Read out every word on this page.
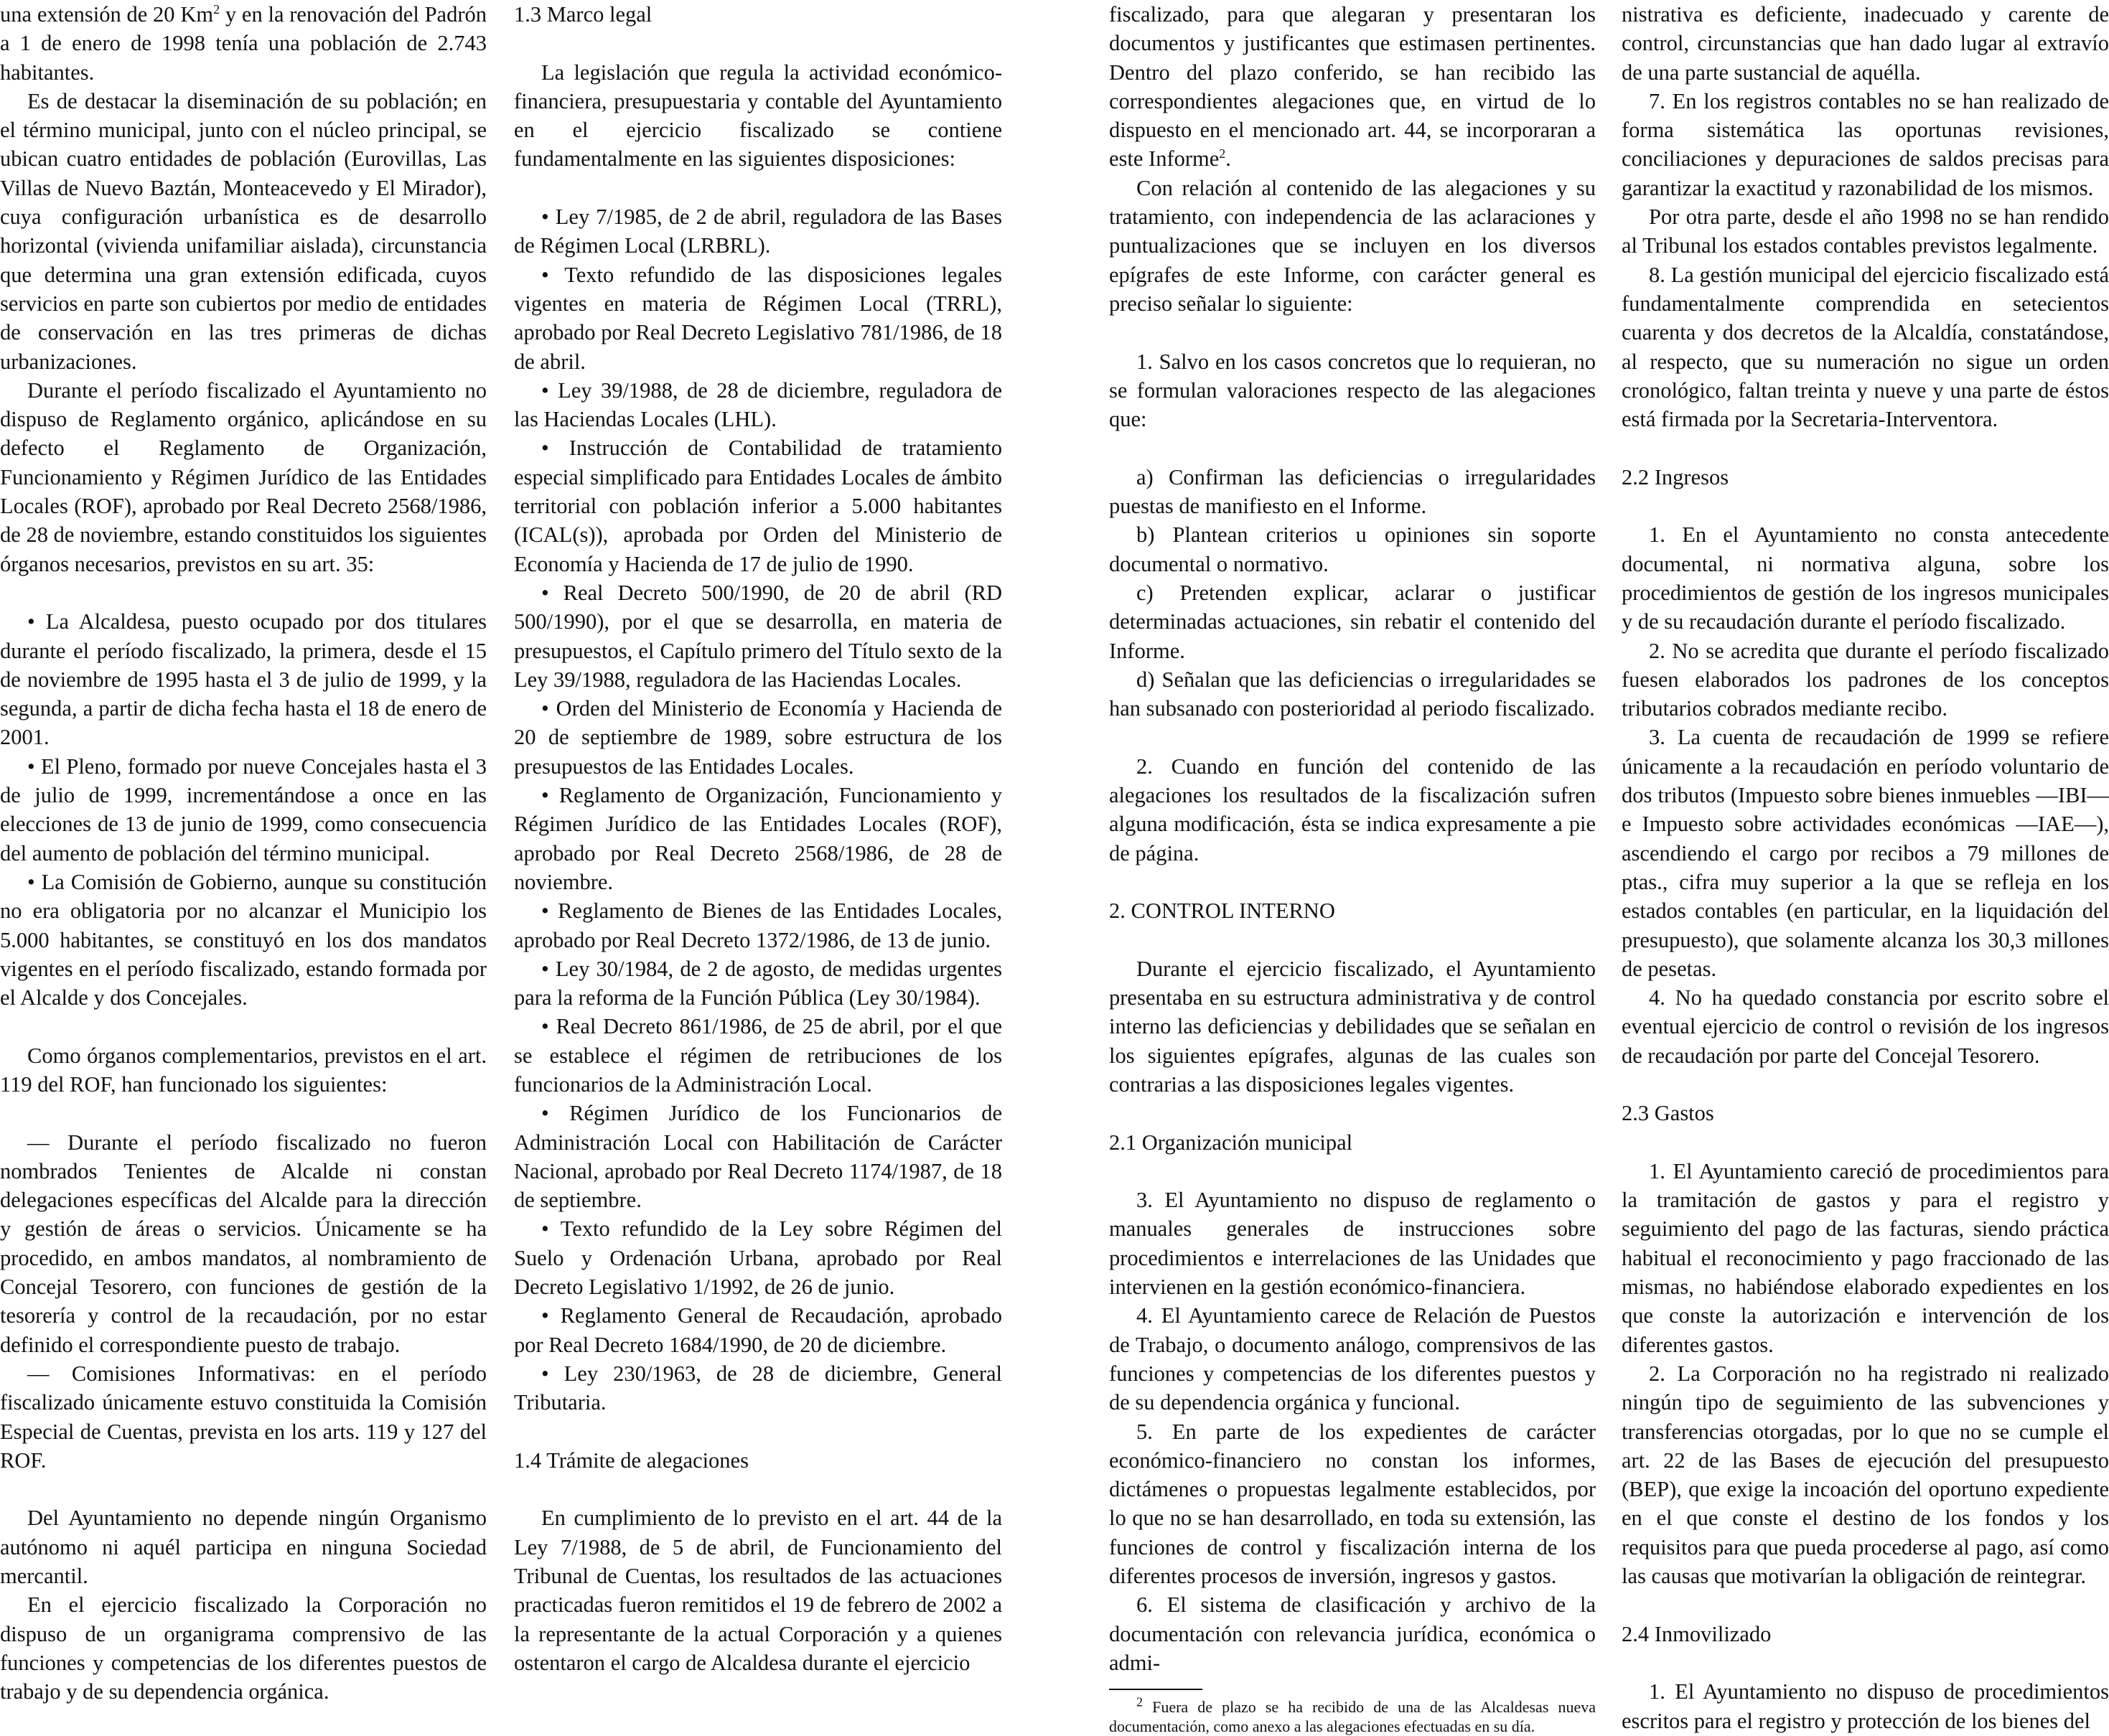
una extensión de 20 Km$^2$ y en la renovación del Padrón a 1 de enero de 1998 tenía una población de 2.743 habitantes.

Es de destacar la diseminación de su población; en el término municipal, junto con el núcleo principal, se ubican cuatro entidades de población (Eurovillas, Las Villas de Nuevo Baztán, Monteacevedo y El Mirador), cuya configuración urbanística es de desarrollo horizontal (vivienda unifamiliar aislada), circunstancia que determina una gran extensión edificada, cuyos servicios en parte son cubiertos por medio de entidades de conservación en las tres primeras de dichas urbanizaciones.

Durante el período fiscalizado el Ayuntamiento no dispuso de Reglamento orgánico, aplicándose en su defecto el Reglamento de Organización, Funcionamiento y Régimen Jurídico de las Entidades Locales (ROF), aprobado por Real Decreto 2568/1986, de 28 de noviembre, estando constituidos los siguientes órganos necesarios, previstos en su art. 35:

• La Alcaldesa, puesto ocupado por dos titulares durante el período fiscalizado, la primera, desde el 15 de noviembre de 1995 hasta el 3 de julio de 1999, y la segunda, a partir de dicha fecha hasta el 18 de enero de 2001.

• El Pleno, formado por nueve Concejales hasta el 3 de julio de 1999, incrementándose a once en las elecciones de 13 de junio de 1999, como consecuencia del aumento de población del término municipal.

• La Comisión de Gobierno, aunque su constitución no era obligatoria por no alcanzar el Municipio los 5.000 habitantes, se constituyó en los dos mandatos vigentes en el período fiscalizado, estando formada por el Alcalde y dos Concejales.

Como órganos complementarios, previstos en el art. 119 del ROF, han funcionado los siguientes:

— Durante el período fiscalizado no fueron nombrados Tenientes de Alcalde ni constan delegaciones específicas del Alcalde para la dirección y gestión de áreas o servicios. Únicamente se ha procedido, en ambos mandatos, al nombramiento de Concejal Tesorero, con funciones de gestión de la tesorería y control de la recaudación, por no estar definido el correspondiente puesto de trabajo.

— Comisiones Informativas: en el período fiscalizado únicamente estuvo constituida la Comisión Especial de Cuentas, prevista en los arts. 119 y 127 del ROF.

Del Ayuntamiento no depende ningún Organismo autónomo ni aquél participa en ninguna Sociedad mercantil.

En el ejercicio fiscalizado la Corporación no dispuso de un organigrama comprensivo de las funciones y competencias de los diferentes puestos de trabajo y de su dependencia orgánica.

1.3 Marco legal

La legislación que regula la actividad económico-financiera, presupuestaria y contable del Ayuntamiento en el ejercicio fiscalizado se contiene fundamentalmente en las siguientes disposiciones:

• Ley 7/1985, de 2 de abril, reguladora de las Bases de Régimen Local (LRBRL).

• Texto refundido de las disposiciones legales vigentes en materia de Régimen Local (TRRL), aprobado por Real Decreto Legislativo 781/1986, de 18 de abril.

• Ley 39/1988, de 28 de diciembre, reguladora de las Haciendas Locales (LHL).

• Instrucción de Contabilidad de tratamiento especial simplificado para Entidades Locales de ámbito territorial con población inferior a 5.000 habitantes (ICAL(s)), aprobada por Orden del Ministerio de Economía y Hacienda de 17 de julio de 1990.

• Real Decreto 500/1990, de 20 de abril (RD 500/1990), por el que se desarrolla, en materia de presupuestos, el Capítulo primero del Título sexto de la Ley 39/1988, reguladora de las Haciendas Locales.

• Orden del Ministerio de Economía y Hacienda de 20 de septiembre de 1989, sobre estructura de los presupuestos de las Entidades Locales.

• Reglamento de Organización, Funcionamiento y Régimen Jurídico de las Entidades Locales (ROF), aprobado por Real Decreto 2568/1986, de 28 de noviembre.

• Reglamento de Bienes de las Entidades Locales, aprobado por Real Decreto 1372/1986, de 13 de junio.

• Ley 30/1984, de 2 de agosto, de medidas urgentes para la reforma de la Función Pública (Ley 30/1984).

• Real Decreto 861/1986, de 25 de abril, por el que se establece el régimen de retribuciones de los funcionarios de la Administración Local.

• Régimen Jurídico de los Funcionarios de Administración Local con Habilitación de Carácter Nacional, aprobado por Real Decreto 1174/1987, de 18 de septiembre.

• Texto refundido de la Ley sobre Régimen del Suelo y Ordenación Urbana, aprobado por Real Decreto Legislativo 1/1992, de 26 de junio.

• Reglamento General de Recaudación, aprobado por Real Decreto 1684/1990, de 20 de diciembre.

• Ley 230/1963, de 28 de diciembre, General Tributaria.

1.4 Trámite de alegaciones

En cumplimiento de lo previsto en el art. 44 de la Ley 7/1988, de 5 de abril, de Funcionamiento del Tribunal de Cuentas, los resultados de las actuaciones practicadas fueron remitidos el 19 de febrero de 2002 a la representante de la actual Corporación y a quienes ostentaron el cargo de Alcaldesa durante el ejercicio

fiscalizado, para que alegaran y presentaran los documentos y justificantes que estimasen pertinentes. Dentro del plazo conferido, se han recibido las correspondientes alegaciones que, en virtud de lo dispuesto en el mencionado art. 44, se incorporaran a este Informe$^2$.

Con relación al contenido de las alegaciones y su tratamiento, con independencia de las aclaraciones y puntualizaciones que se incluyen en los diversos epígrafes de este Informe, con carácter general es preciso señalar lo siguiente:

1. Salvo en los casos concretos que lo requieran, no se formulan valoraciones respecto de las alegaciones que:

a) Confirman las deficiencias o irregularidades puestas de manifiesto en el Informe.

b) Plantean criterios u opiniones sin soporte documental o normativo.

c) Pretenden explicar, aclarar o justificar determinadas actuaciones, sin rebatir el contenido del Informe.

d) Señalan que las deficiencias o irregularidades se han subsanado con posterioridad al periodo fiscalizado.

2. Cuando en función del contenido de las alegaciones los resultados de la fiscalización sufren alguna modificación, ésta se indica expresamente a pie de página.

2. CONTROL INTERNO

Durante el ejercicio fiscalizado, el Ayuntamiento presentaba en su estructura administrativa y de control interno las deficiencias y debilidades que se señalan en los siguientes epígrafes, algunas de las cuales son contrarias a las disposiciones legales vigentes.

2.1 Organización municipal

3. El Ayuntamiento no dispuso de reglamento o manuales generales de instrucciones sobre procedimientos e interrelaciones de las Unidades que intervienen en la gestión económico-financiera.

4. El Ayuntamiento carece de Relación de Puestos de Trabajo, o documento análogo, comprensivos de las funciones y competencias de los diferentes puestos y de su dependencia orgánica y funcional.

5. En parte de los expedientes de carácter económico-financiero no constan los informes, dictámenes o propuestas legalmente establecidos, por lo que no se han desarrollado, en toda su extensión, las funciones de control y fiscalización interna de los diferentes procesos de inversión, ingresos y gastos.

6. El sistema de clasificación y archivo de la documentación con relevancia jurídica, económica o admi-

$^2$ Fuera de plazo se ha recibido de una de las Alcaldesas nueva documentación, como anexo a las alegaciones efectuadas en su día.

nistrativa es deficiente, inadecuado y carente de control, circunstancias que han dado lugar al extravío de una parte sustancial de aquélla.

7. En los registros contables no se han realizado de forma sistemática las oportunas revisiones, conciliaciones y depuraciones de saldos precisas para garantizar la exactitud y razonabilidad de los mismos.

Por otra parte, desde el año 1998 no se han rendido al Tribunal los estados contables previstos legalmente.

8. La gestión municipal del ejercicio fiscalizado está fundamentalmente comprendida en setecientos cuarenta y dos decretos de la Alcaldía, constatándose, al respecto, que su numeración no sigue un orden cronológico, faltan treinta y nueve y una parte de éstos está firmada por la Secretaria-Interventora.

2.2 Ingresos

1. En el Ayuntamiento no consta antecedente documental, ni normativa alguna, sobre los procedimientos de gestión de los ingresos municipales y de su recaudación durante el período fiscalizado.

2. No se acredita que durante el período fiscalizado fuesen elaborados los padrones de los conceptos tributarios cobrados mediante recibo.

3. La cuenta de recaudación de 1999 se refiere únicamente a la recaudación en período voluntario de dos tributos (Impuesto sobre bienes inmuebles —IBI— e Impuesto sobre actividades económicas —IAE—), ascendiendo el cargo por recibos a 79 millones de ptas., cifra muy superior a la que se refleja en los estados contables (en particular, en la liquidación del presupuesto), que solamente alcanza los 30,3 millones de pesetas.

4. No ha quedado constancia por escrito sobre el eventual ejercicio de control o revisión de los ingresos de recaudación por parte del Concejal Tesorero.

2.3 Gastos

1. El Ayuntamiento careció de procedimientos para la tramitación de gastos y para el registro y seguimiento del pago de las facturas, siendo práctica habitual el reconocimiento y pago fraccionado de las mismas, no habiéndose elaborado expedientes en los que conste la autorización e intervención de los diferentes gastos.

2. La Corporación no ha registrado ni realizado ningún tipo de seguimiento de las subvenciones y transferencias otorgadas, por lo que no se cumple el art. 22 de las Bases de ejecución del presupuesto (BEP), que exige la incoación del oportuno expediente en el que conste el destino de los fondos y los requisitos para que pueda procederse al pago, así como las causas que motivarían la obligación de reintegrar.

2.4 Inmovilizado

1. El Ayuntamiento no dispuso de procedimientos escritos para el registro y protección de los bienes del
